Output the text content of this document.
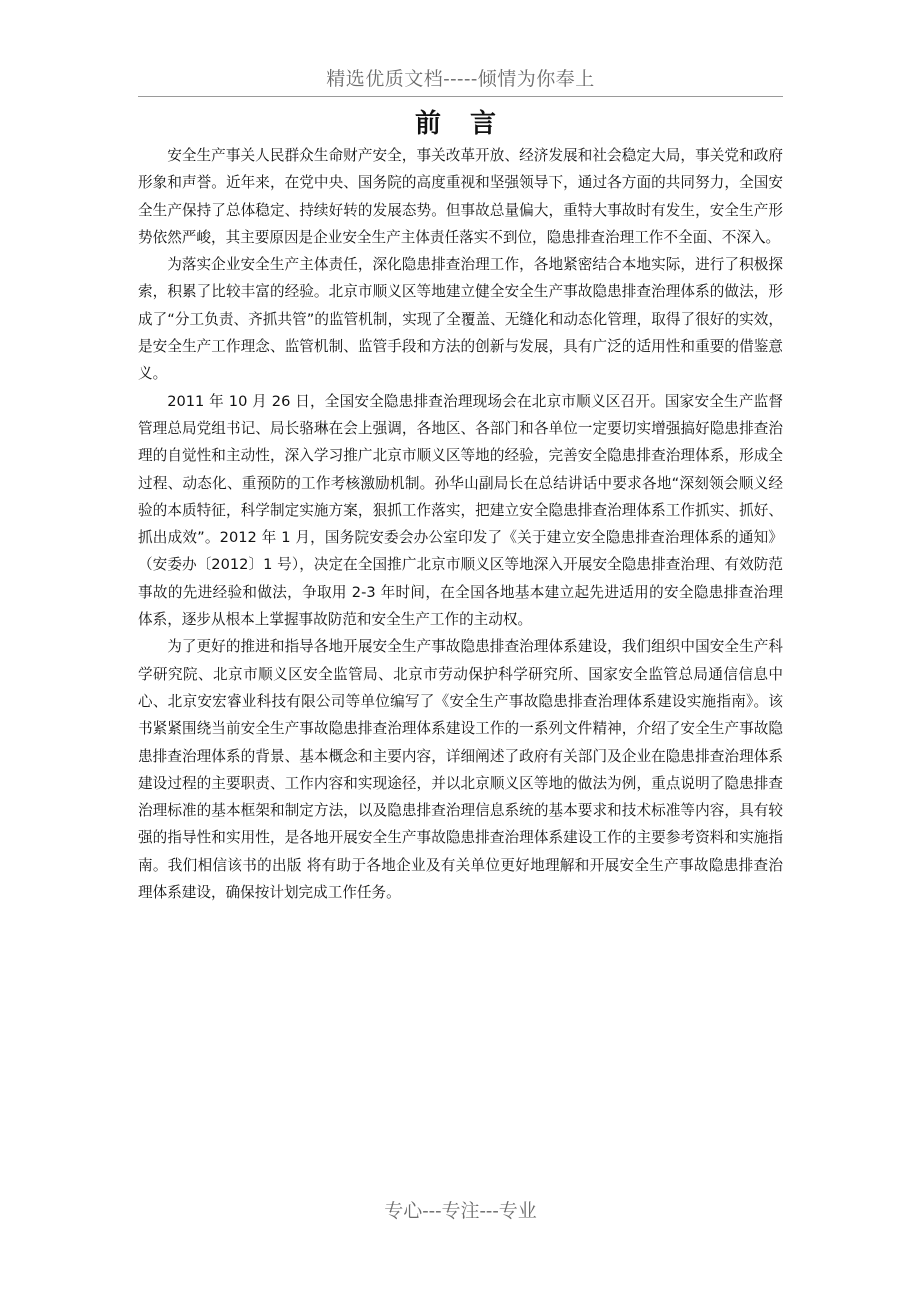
精选优质文档-----倾情为你奉上
前 言

安全生产事关人民群众生命财产安全，事关改革开放、经济发展和社会稳定大局，事关党和政府形象和声誉。近年来，在党中央、国务院的高度重视和坚强领导下，通过各方面的共同努力，全国安全生产保持了总体稳定、持续好转的发展态势。但事故总量偏大，重特大事故时有发生，安全生产形势依然严峻，其主要原因是企业安全生产主体责任落实不到位，隐患排查治理工作不全面、不深入。

为落实企业安全生产主体责任，深化隐患排查治理工作，各地紧密结合本地实际，进行了积极探索，积累了比较丰富的经验。北京市顺义区等地建立健全安全生产事故隐患排查治理体系的做法，形成了“分工负责、齐抓共管”的监管机制，实现了全覆盖、无缝化和动态化管理，取得了很好的实效，是安全生产工作理念、监管机制、监管手段和方法的创新与发展，具有广泛的适用性和重要的借鉴意义。

2011 年 10 月 26 日，全国安全隐患排查治理现场会在北京市顺义区召开。国家安全生产监督管理总局党组书记、局长骆琳在会上强调，各地区、各部门和各单位一定要切实增强搞好隐患排查治理的自觉性和主动性，深入学习推广北京市顺义区等地的经验，完善安全隐患排查治理体系，形成全过程、动态化、重预防的工作考核激励机制。孙华山副局长在总结讲话中要求各地“深刻领会顺义经验的本质特征，科学制定实施方案，狠抓工作落实，把建立安全隐患排查治理体系工作抓实、抓好、抓出成效”。2012 年 1 月，国务院安委会办公室印发了《关于建立安全隐患排查治理体系的通知》（安委办〔2012〕1 号），决定在全国推广北京市顺义区等地深入开展安全隐患排查治理、有效防范事故的先进经验和做法，争取用 2-3 年时间，在全国各地基本建立起先进适用的安全隐患排查治理体系，逐步从根本上掌握事故防范和安全生产工作的主动权。

为了更好的推进和指导各地开展安全生产事故隐患排查治理体系建设，我们组织中国安全生产科学研究院、北京市顺义区安全监管局、北京市劳动保护科学研究所、国家安全监管总局通信信息中心、北京安宏睿业科技有限公司等单位编写了《安全生产事故隐患排查治理体系建设实施指南》。该书紧紧围绕当前安全生产事故隐患排查治理体系建设工作的一系列文件精神，介绍了安全生产事故隐患排查治理体系的背景、基本概念和主要内容，详细阐述了政府有关部门及企业在隐患排查治理体系建设过程的主要职责、工作内容和实现途径，并以北京顺义区等地的做法为例，重点说明了隐患排查治理标准的基本框架和制定方法，以及隐患排查治理信息系统的基本要求和技术标准等内容，具有较强的指导性和实用性，是各地开展安全生产事故隐患排查治理体系建设工作的主要参考资料和实施指南。我们相信该书的出版 将有助于各地企业及有关单位更好地理解和开展安全生产事故隐患排查治理体系建设，确保按计划完成工作任务。

专心---专注---专业
